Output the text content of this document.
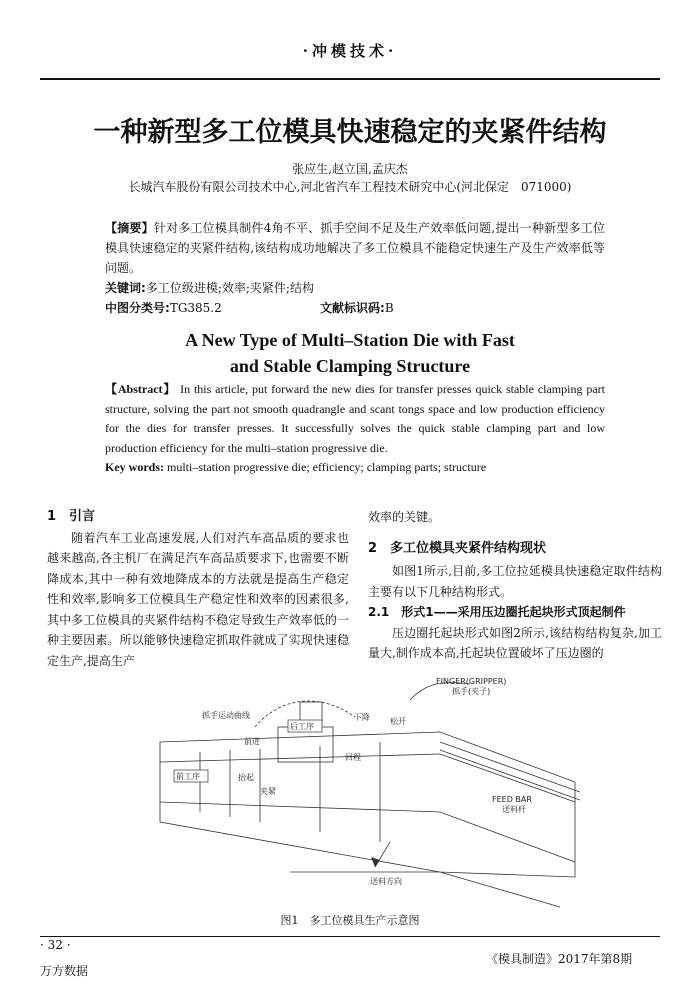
·冲模技术·
一种新型多工位模具快速稳定的夹紧件结构
张应生,赵立国,孟庆杰
长城汽车股份有限公司技术中心,河北省汽车工程技术研究中心(河北保定　071000)
【摘要】针对多工位模具制件4角不平、抓手空间不足及生产效率低问题,提出一种新型多工位模具快速稳定的夹紧件结构,该结构成功地解决了多工位模具不能稳定快速生产及生产效率低等问题。
关键词:多工位级进模;效率;夹紧件;结构
中图分类号:TG385.2	文献标识码:B
A New Type of Multi–Station Die with Fast
and Stable Clamping Structure
【Abstract】 In this article, put forward the new dies for transfer presses quick stable clamping part structure, solving the part not smooth quadrangle and scant tongs space and low production efficiency for the dies for transfer presses. It successfully solves the quick stable clamping part and low production efficiency for the multi–station progressive die.
Key words: multi–station progressive die; efficiency; clamping parts; structure

1　引言

随着汽车工业高速发展,人们对汽车高品质的要求也越来越高,各主机厂在满足汽车高品质要求下,也需要不断降成本,其中一种有效地降成本的方法就是提高生产稳定性和效率,影响多工位模具生产稳定性和效率的因素很多,其中多工位模具的夹紧件结构不稳定导致生产效率低的一种主要因素。所以能够快速稳定抓取件就成了实现快速稳定生产,提高生产

效率的关键。

2　多工位模具夹紧件结构现状

如图1所示,目前,多工位拉延模具快速稳定取件结构主要有以下几种结构形式。

2.1　形式1——采用压边圈托起块形式顶起制件

压边圈托起块形式如图2所示,该结构结构复杂,加工量大,制作成本高,托起块位置破坏了压边圈的

后工序
抓手运动曲线	下降	松开
前进
前工序
回程
抬起
夹紧
FINGER(GRIPPER)
抓手(夹子)
FEED BAR
送料杆
送料方向
图1　多工位模具生产示意图
· 32 ·
《模具制造》2017年第8期
万方数据
